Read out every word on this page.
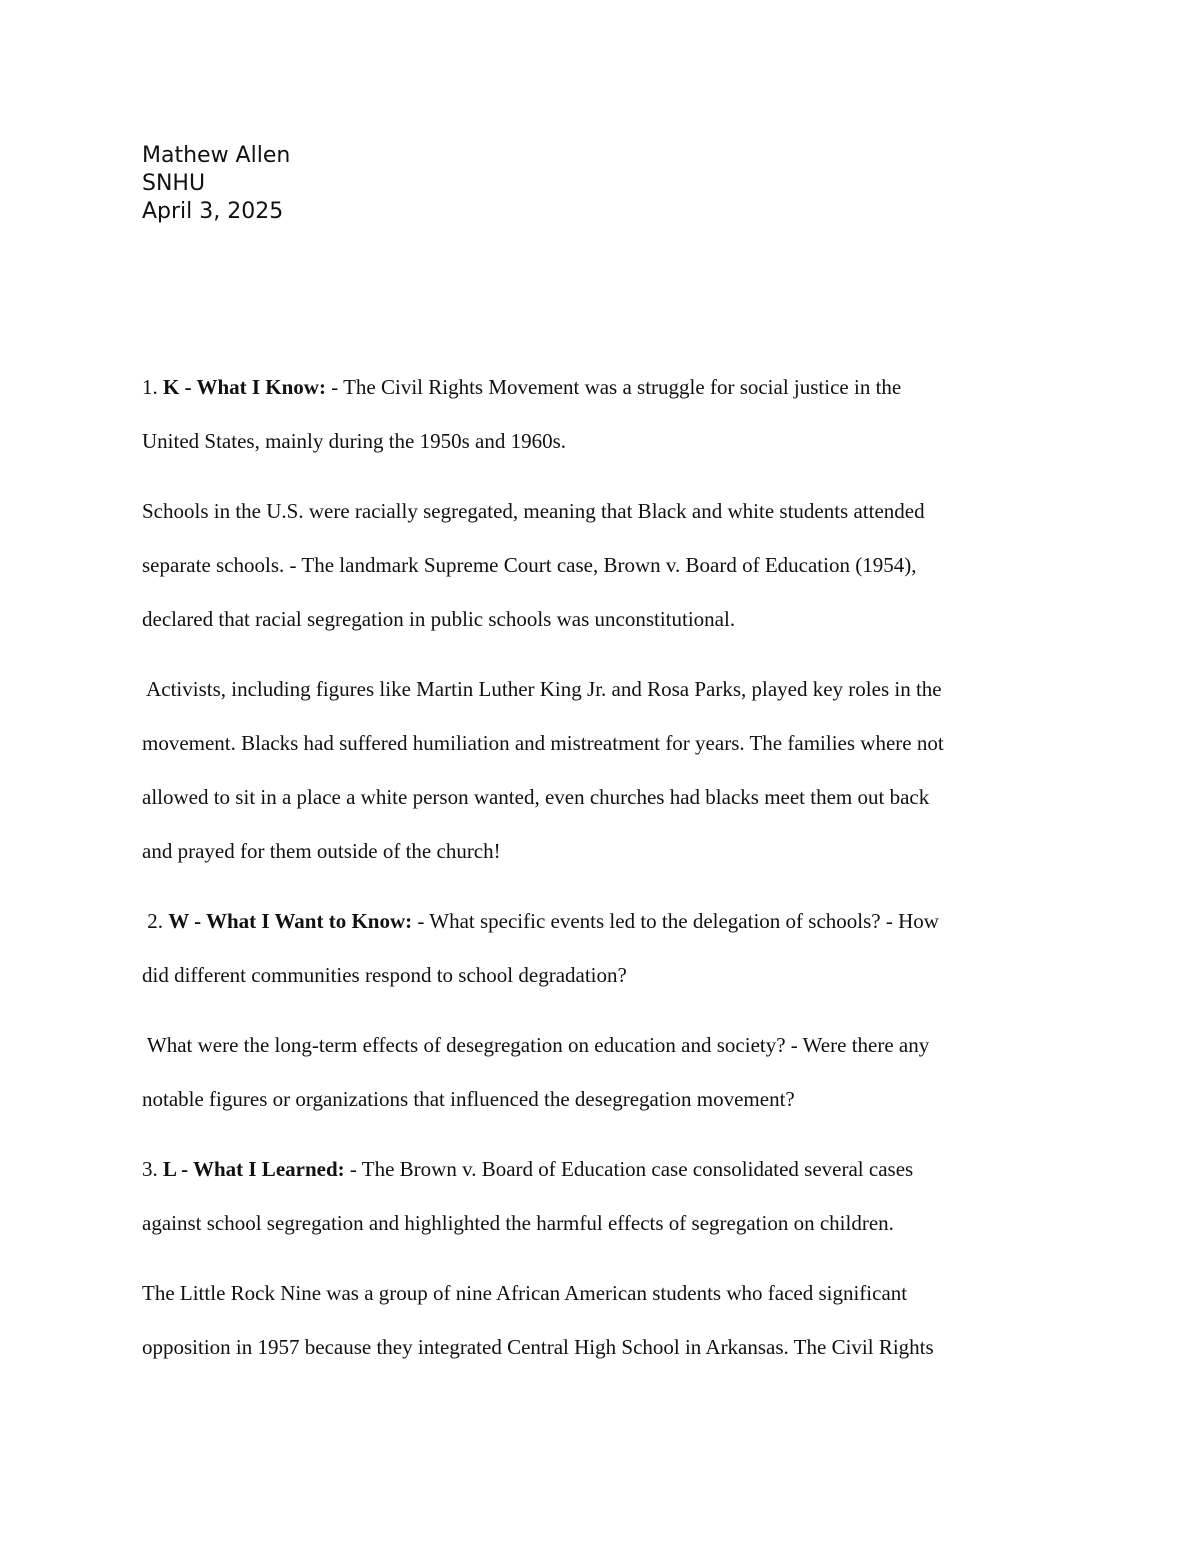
Mathew Allen
SNHU
April 3, 2025

1. K - What I Know: - The Civil Rights Movement was a struggle for social justice in the
United States, mainly during the 1950s and 1960s.

Schools in the U.S. were racially segregated, meaning that Black and white students attended
separate schools. - The landmark Supreme Court case, Brown v. Board of Education (1954),
declared that racial segregation in public schools was unconstitutional.

Activists, including figures like Martin Luther King Jr. and Rosa Parks, played key roles in the
movement. Blacks had suffered humiliation and mistreatment for years. The families where not
allowed to sit in a place a white person wanted, even churches had blacks meet them out back
and prayed for them outside of the church!

2. W - What I Want to Know: - What specific events led to the delegation of schools? - How
did different communities respond to school degradation?

What were the long-term effects of desegregation on education and society? - Were there any
notable figures or organizations that influenced the desegregation movement?

3. L - What I Learned: - The Brown v. Board of Education case consolidated several cases
against school segregation and highlighted the harmful effects of segregation on children.

The Little Rock Nine was a group of nine African American students who faced significant
opposition in 1957 because they integrated Central High School in Arkansas. The Civil Rights
